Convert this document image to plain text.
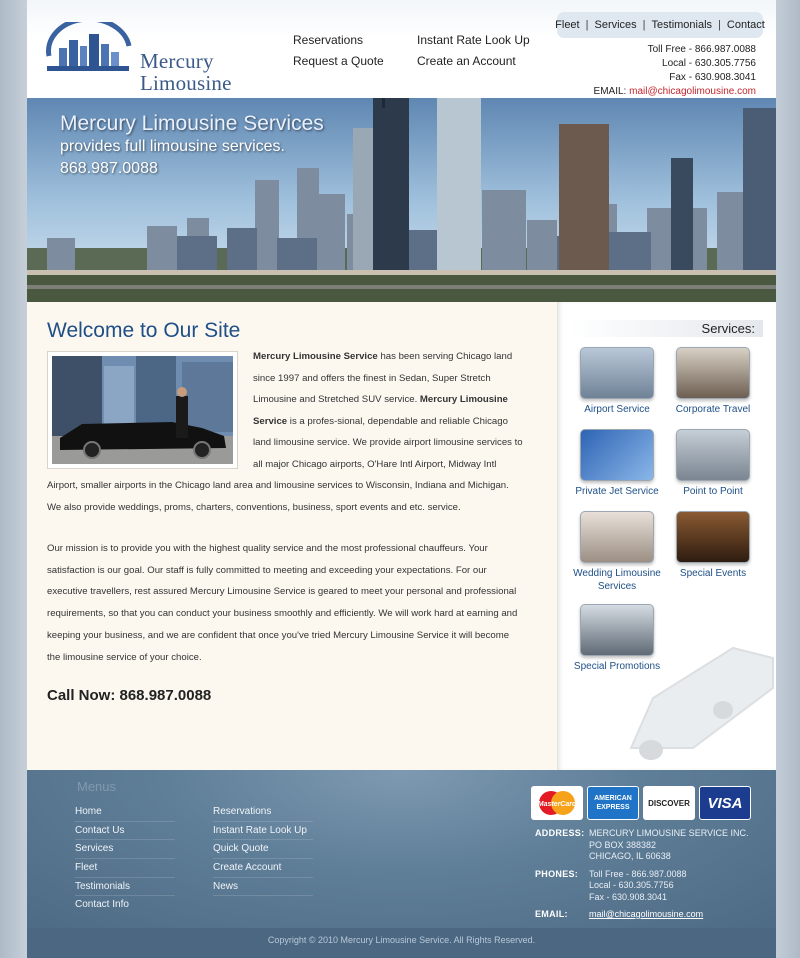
Mercury
Limousine
Reservations	Instant Rate Look Up
Request a Quote	Create an Account
Fleet | Services | Testimonials | Contact
Toll Free - 866.987.0088
Local - 630.305.7756
Fax - 630.908.3041
EMAIL: mail@chicagolimousine.com
Mercury Limousine Services
provides full limousine services.
868.987.0088
Welcome to Our Site
Mercury Limousine Service has been serving Chicago land since 1997 and offers the finest in Sedan, Super Stretch Limousine and Stretched SUV service. Mercury Limousine Service is a profes-sional, dependable and reliable Chicago land limousine service. We provide airport limousine services to all major Chicago airports, O'Hare Intl Airport, Midway Intl Airport, smaller airports in the Chicago land area and limousine services to Wisconsin, Indiana and Michigan. We also provide weddings, proms, charters, conventions, business, sport events and etc. service.

Our mission is to provide you with the highest quality service and the most professional chauffeurs. Your satisfaction is our goal. Our staff is fully committed to meeting and exceeding your expectations. For our executive travellers, rest assured Mercury Limousine Service is geared to meet your personal and professional requirements, so that you can conduct your business smoothly and efficiently. We will work hard at earning and keeping your business, and we are confident that once you've tried Mercury Limousine Service it will become the limousine service of your choice.

Call Now: 868.987.0088
Services:
Airport Service	Corporate Travel
Private Jet Service	Point to Point
Wedding Limousine Services
Special Events
Special Promotions
Menus
Home
Contact Us
Services
Fleet
Testimonials
Contact Info
Reservations
Instant Rate Look Up
Quick Quote
Create Account
News
MasterCard
AMERICAN EXPRESS	DISCOVER	VISA
ADDRESS: MERCURY LIMOUSINE SERVICE INC.
PO BOX 388382
CHICAGO, IL 60638
PHONES:	Toll Free - 866.987.0088
Local - 630.305.7756
Fax - 630.908.3041
EMAIL:	mail@chicagolimousine.com
Copyright © 2010 Mercury Limousine Service. All Rights Reserved.
